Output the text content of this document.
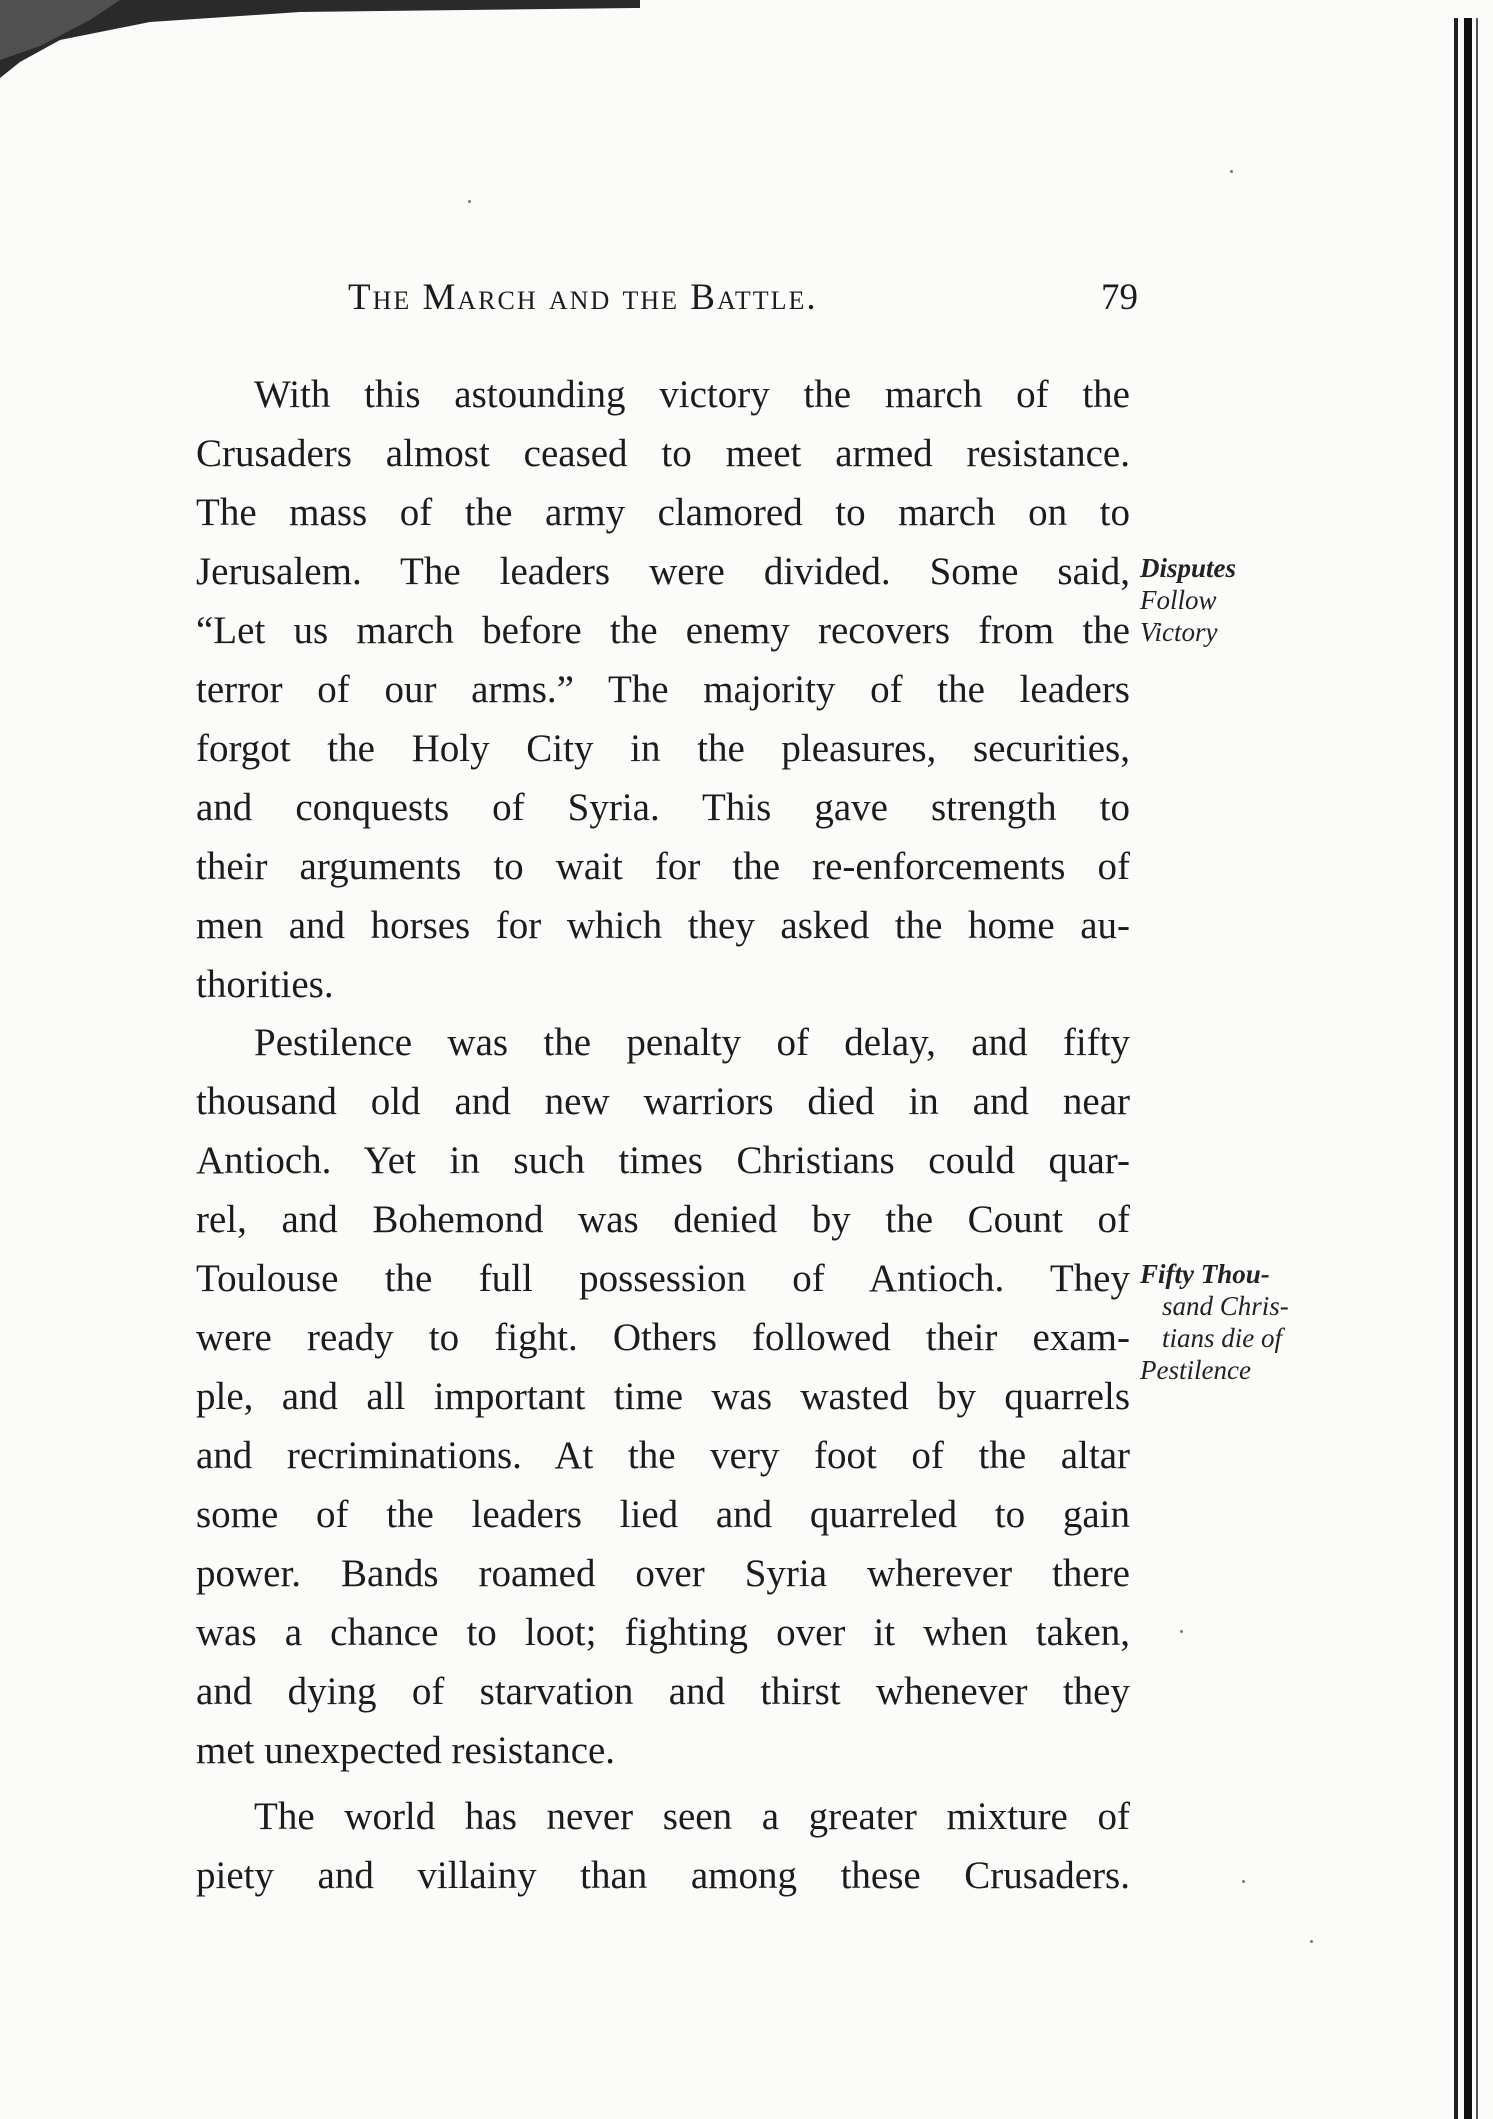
The March and the Battle.	79
With this astounding victory the march of the
Crusaders almost ceased to meet armed resistance.
The mass of the army clamored to march on to
Jerusalem. The leaders were divided. Some said,
“Let us march before the enemy recovers from the
terror of our arms.” The majority of the leaders
forgot the Holy City in the pleasures, securities,
and conquests of Syria. This gave strength to
their arguments to wait for the re-enforcements of
men and horses for which they asked the home au-
thorities.
Pestilence was the penalty of delay, and fifty
thousand old and new warriors died in and near
Antioch. Yet in such times Christians could quar-
rel, and Bohemond was denied by the Count of
Toulouse the full possession of Antioch. They
were ready to fight. Others followed their exam-
ple, and all important time was wasted by quarrels
and recriminations. At the very foot of the altar
some of the leaders lied and quarreled to gain
power. Bands roamed over Syria wherever there
was a chance to loot; fighting over it when taken,
and dying of starvation and thirst whenever they
met unexpected resistance.
The world has never seen a greater mixture of
piety and villainy than among these Crusaders.
Disputes
Follow
Victory
Fifty Thou-
sand Chris-
tians die of
Pestilence
